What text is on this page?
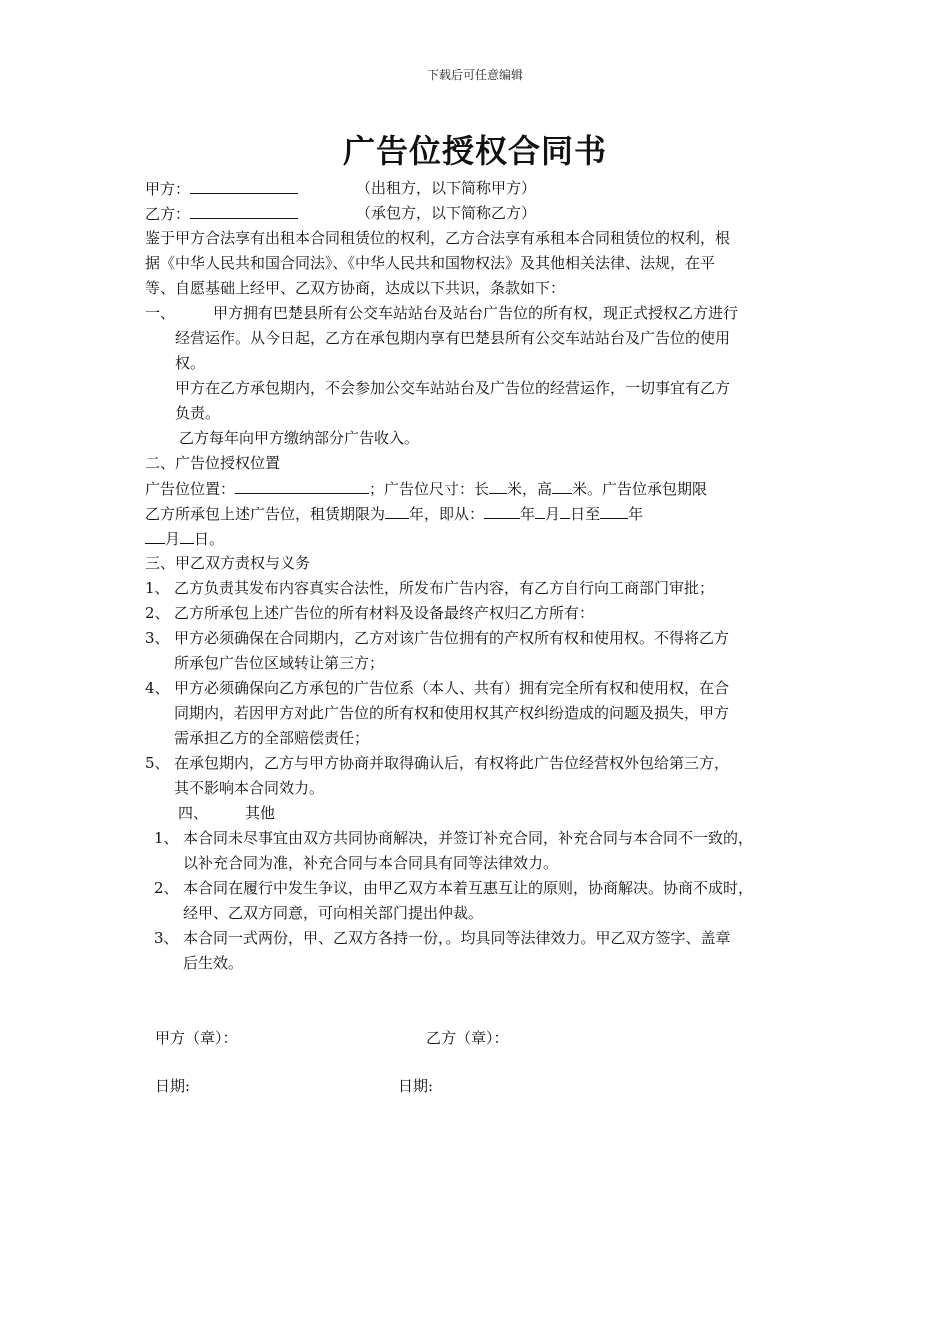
下载后可任意编辑
广告位授权合同书
甲方：	（出租方，以下简称甲方）
乙方：	（承包方，以下简称乙方）
鉴于甲方合法享有出租本合同租赁位的权利，乙方合法享有承租本合同租赁位的权利，根
据《中华人民共和国合同法》、《中华人民共和国物权法》及其他相关法律、法规，在平
等、自愿基础上经甲、乙双方协商，达成以下共识，条款如下：
一、	甲方拥有巴楚县所有公交车站站台及站台广告位的所有权，现正式授权乙方进行
经营运作。从今日起，乙方在承包期内享有巴楚县所有公交车站站台及广告位的使用
权。
甲方在乙方承包期内，不会参加公交车站站台及广告位的经营运作，一切事宜有乙方
负责。
乙方每年向甲方缴纳部分广告收入。
二、广告位授权位置
广告位位置：	；广告位尺寸：长 米，高 米。广告位承包期限
乙方所承包上述广告位，租赁期限为 年，即从： 年 月 日至 年
月 日。
三、甲乙双方责权与义务
1、 乙方负责其发布内容真实合法性，所发布广告内容，有乙方自行向工商部门审批；
2、 乙方所承包上述广告位的所有材料及设备最终产权归乙方所有：
3、 甲方必须确保在合同期内，乙方对该广告位拥有的产权所有权和使用权。不得将乙方
所承包广告位区域转让第三方；
4、 甲方必须确保向乙方承包的广告位系（本人、共有）拥有完全所有权和使用权，在合
同期内，若因甲方对此广告位的所有权和使用权其产权纠纷造成的问题及损失，甲方
需承担乙方的全部赔偿责任；
5、 在承包期内，乙方与甲方协商并取得确认后，有权将此广告位经营权外包给第三方，
其不影响本合同效力。
四、 其他
1、 本合同未尽事宜由双方共同协商解决，并签订补充合同，补充合同与本合同不一致的，
以补充合同为准，补充合同与本合同具有同等法律效力。
2、 本合同在履行中发生争议，由甲乙双方本着互惠互让的原则，协商解决。协商不成时，
经甲、乙双方同意，可向相关部门提出仲裁。
3、 本合同一式两份，甲、乙双方各持一份，。均具同等法律效力。甲乙双方签字、盖章
后生效。
甲方（章）：	乙方（章）：
日期:	日期:
